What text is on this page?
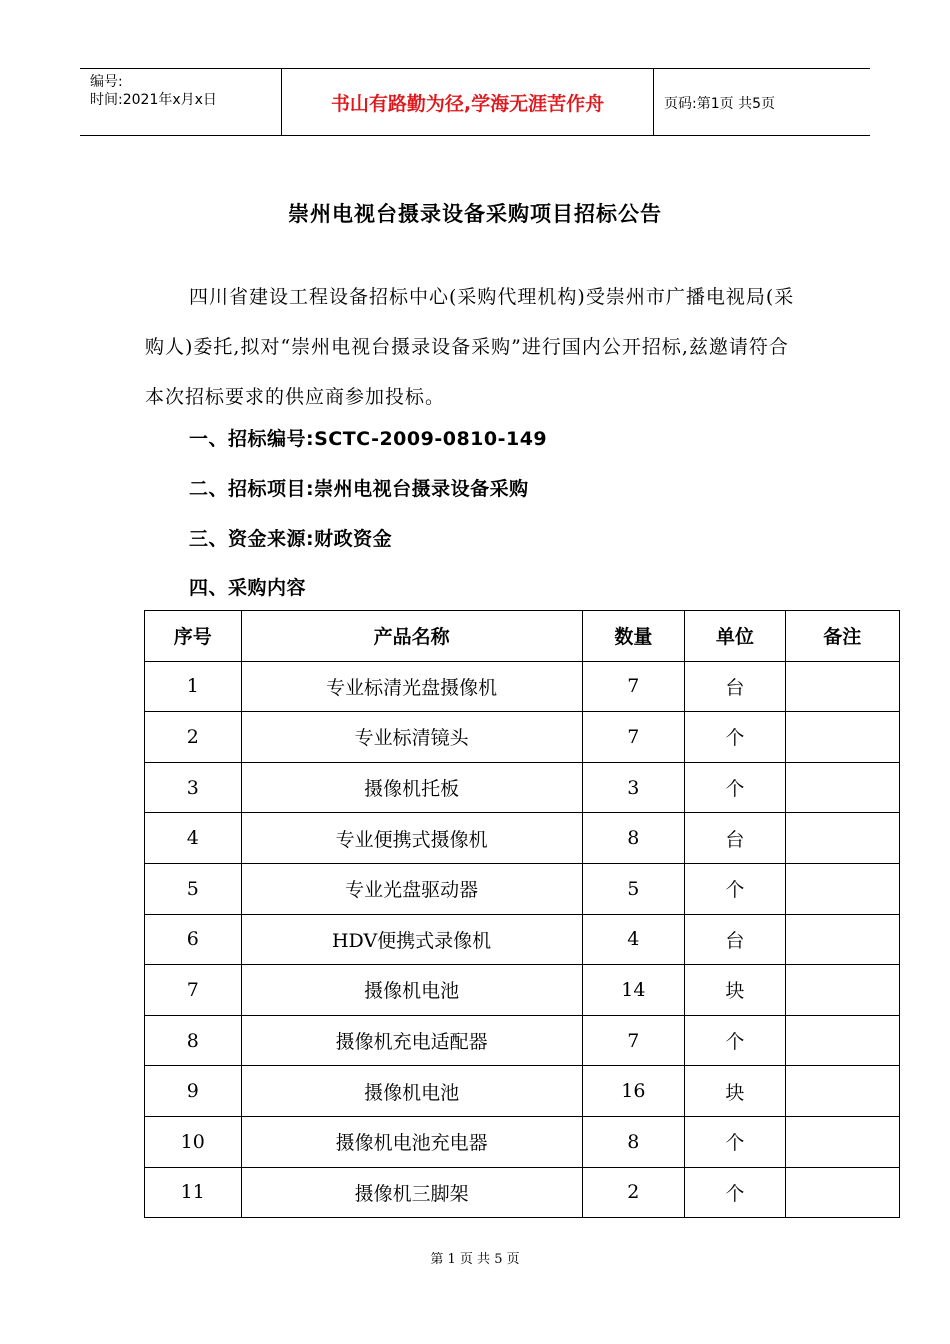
编号:
时间:2021年x月x日	书山有路勤为径,学海无涯苦作舟	页码:第1页 共5页
崇州电视台摄录设备采购项目招标公告
四川省建设工程设备招标中心(采购代理机构)受崇州市广播电视局(采购人)委托,拟对“崇州电视台摄录设备采购”进行国内公开招标,兹邀请符合本次招标要求的供应商参加投标。
一、招标编号:SCTC-2009-0810-149
二、招标项目:崇州电视台摄录设备采购
三、资金来源:财政资金
四、采购内容
序号	产品名称	数量	单位	备注
1	专业标清光盘摄像机	7	台	
2	专业标清镜头	7	个	
3	摄像机托板	3	个	
4	专业便携式摄像机	8	台	
5	专业光盘驱动器	5	个	
6	HDV便携式录像机	4	台	
7	摄像机电池	14	块	
8	摄像机充电适配器	7	个	
9	摄像机电池	16	块	
10	摄像机电池充电器	8	个	
11	摄像机三脚架	2	个	
第 1 页 共 5 页
